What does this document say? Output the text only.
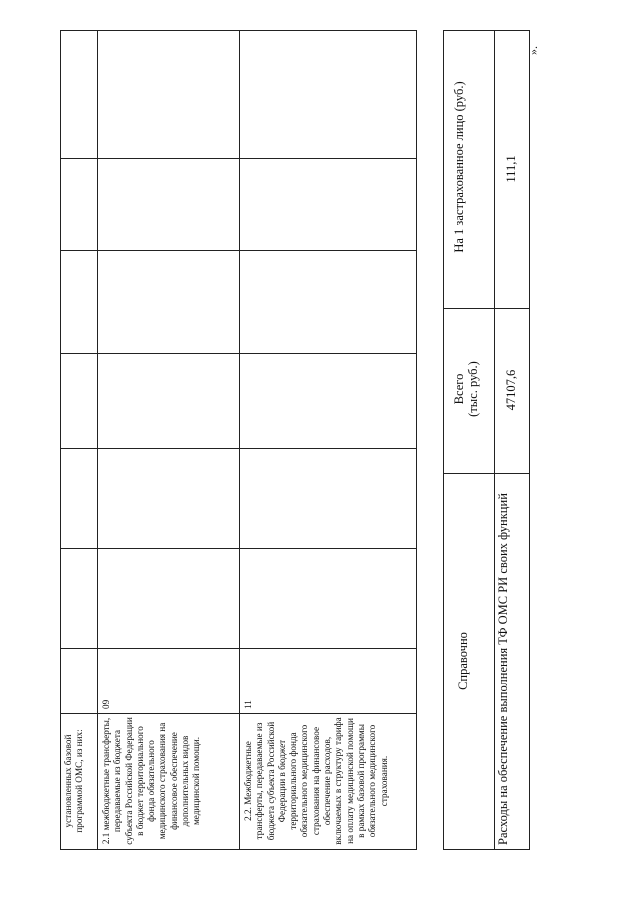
установленных базовой программой ОМС, из них: 2.1 межбюджетные трансферты, передаваемые из бюджета субъекта Российской Федерации в бюджет территориального фонда обязательного медицинского страхования на финансовое обеспечение дополнительных видов медицинской помощи.
09
2.2. Межбюджетные трансферты, передаваемые из бюджета субъекта Российской Федерации в бюджет территориального фонда обязательного медицинского страхования на финансовое обеспечение расходов, включаемых в структуру тарифа на оплату медицинской помощи в рамках базовой программы обязательного медицинского страхования.
11
Справочно
Всего (тыс. руб.)
На 1 застрахованное лицо (руб.)
Расходы на обеспечение выполнения ТФ ОМС РИ своих функций
47107,6
111,1
».
